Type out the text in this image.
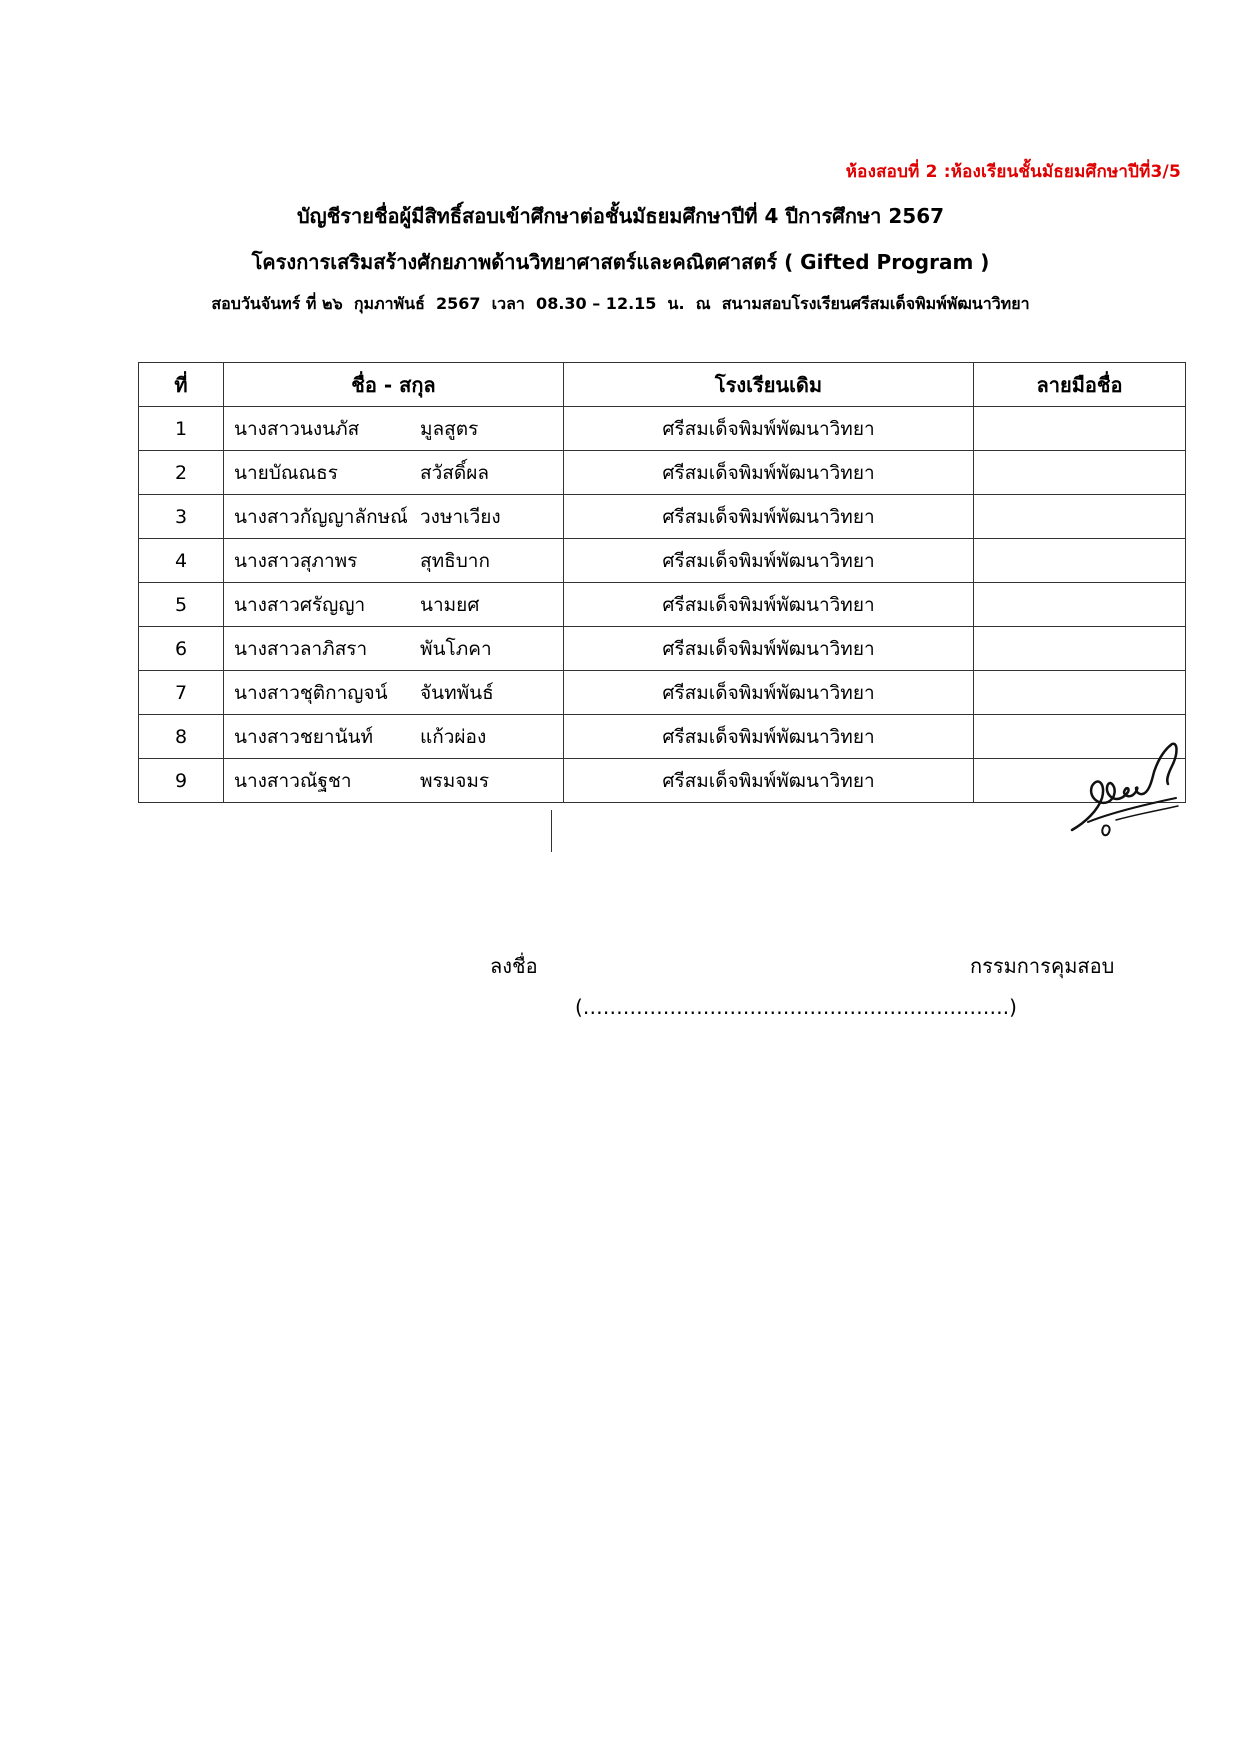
ห้องสอบที่ 2 :ห้องเรียนชั้นมัธยมศึกษาปีที่3/5
บัญชีรายชื่อผู้มีสิทธิ์สอบเข้าศึกษาต่อชั้นมัธยมศึกษาปีที่ 4 ปีการศึกษา 2567
โครงการเสริมสร้างศักยภาพด้านวิทยาศาสตร์และคณิตศาสตร์ ( Gifted Program )
สอบวันจันทร์ ที่ ๒๖  กุมภาพันธ์  2567  เวลา  08.30 – 12.15  น.  ณ  สนามสอบโรงเรียนศรีสมเด็จพิมพ์พัฒนาวิทยา
ที่	ชื่อ - สกุล	โรงเรียนเดิม	ลายมือชื่อ
1	นางสาวนงนภัส มูลสูตร	ศรีสมเด็จพิมพ์พัฒนาวิทยา	
2	นายบัณณธร สวัสดิ์ผล	ศรีสมเด็จพิมพ์พัฒนาวิทยา	
3	นางสาวกัญญาลักษณ์ วงษาเวียง	ศรีสมเด็จพิมพ์พัฒนาวิทยา	
4	นางสาวสุภาพร สุทธิบาก	ศรีสมเด็จพิมพ์พัฒนาวิทยา	
5	นางสาวศรัญญา นามยศ	ศรีสมเด็จพิมพ์พัฒนาวิทยา	
6	นางสาวลาภิสรา พันโภคา	ศรีสมเด็จพิมพ์พัฒนาวิทยา	
7	นางสาวชุติกาญจน์ จันทพันธ์	ศรีสมเด็จพิมพ์พัฒนาวิทยา	
8	นางสาวชยานันท์ แก้วผ่อง	ศรีสมเด็จพิมพ์พัฒนาวิทยา	
9	นางสาวณัฐชา พรมจมร	ศรีสมเด็จพิมพ์พัฒนาวิทยา	
ลงชื่อ	กรรมการคุมสอบ
(……………………………………………………….)
